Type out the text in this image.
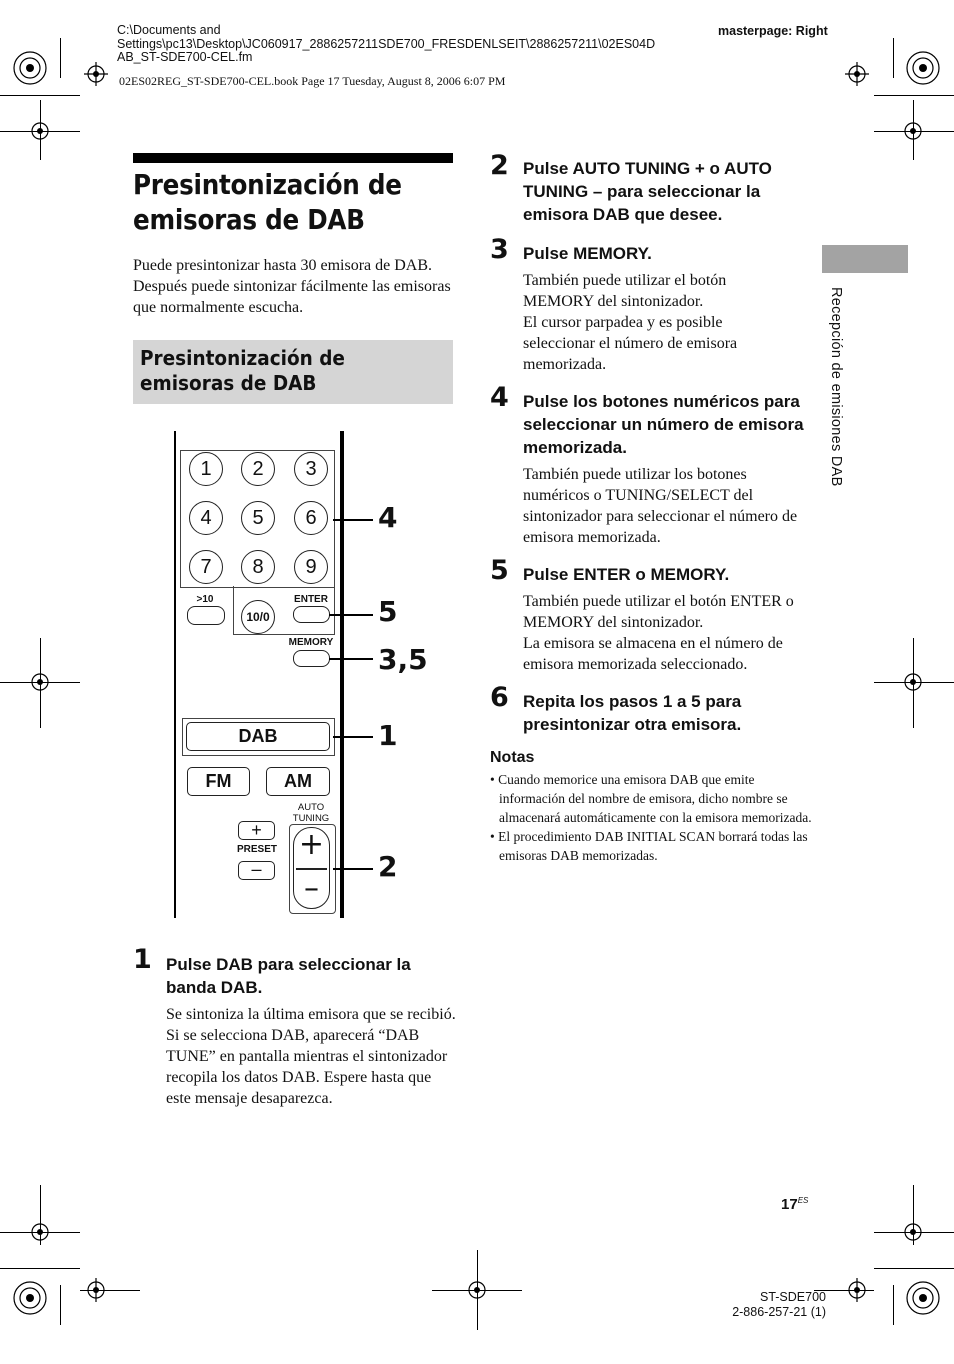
C:\Documents and
Settings\pc13\Desktop\JC060917_2886257211SDE700_FRESDENLSEIT\2886257211\02ES04D
AB_ST-SDE700-CEL.fm
masterpage: Right
02ES02REG_ST-SDE700-CEL.book Page 17 Tuesday, August 8, 2006 6:07 PM
Presintonización de
emisoras de DAB
Puede presintonizar hasta 30 emisora de DAB. Después puede sintonizar fácilmente las emisoras que normalmente escucha.
Presintonización de emisoras de DAB
1	2	3
4	5	6
7	8	9
>10
10/0
ENTER
MEMORY
DAB
FM	AM
AUTO TUNING
+
–
+
PRESET
–
4
5
3,5
1
2
1 Pulse DAB para seleccionar la banda DAB.
Se sintoniza la última emisora que se recibió. Si se selecciona DAB, aparecerá “DAB TUNE” en pantalla mientras el sintonizador recopila los datos DAB. Espere hasta que este mensaje desaparezca.
2 Pulse AUTO TUNING + o AUTO TUNING – para seleccionar la emisora DAB que desee.
3 Pulse MEMORY.
También puede utilizar el botón MEMORY del sintonizador.
El cursor parpadea y es posible seleccionar el número de emisora memorizada.
4 Pulse los botones numéricos para seleccionar un número de emisora memorizada.
También puede utilizar los botones numéricos o TUNING/SELECT del sintonizador para seleccionar el número de emisora memorizada.
5 Pulse ENTER o MEMORY.
También puede utilizar el botón ENTER o MEMORY del sintonizador.
La emisora se almacena en el número de emisora memorizada seleccionado.
6 Repita los pasos 1 a 5 para presintonizar otra emisora.
Notas
• Cuando memorice una emisora DAB que emite información del nombre de emisora, dicho nombre se almacenará automáticamente con la emisora memorizada.
• El procedimiento DAB INITIAL SCAN borrará todas las emisoras DAB memorizadas.
Recepción de emisiones DAB
$17^{ES}$
ST-SDE700
2-886-257-21 (1)
